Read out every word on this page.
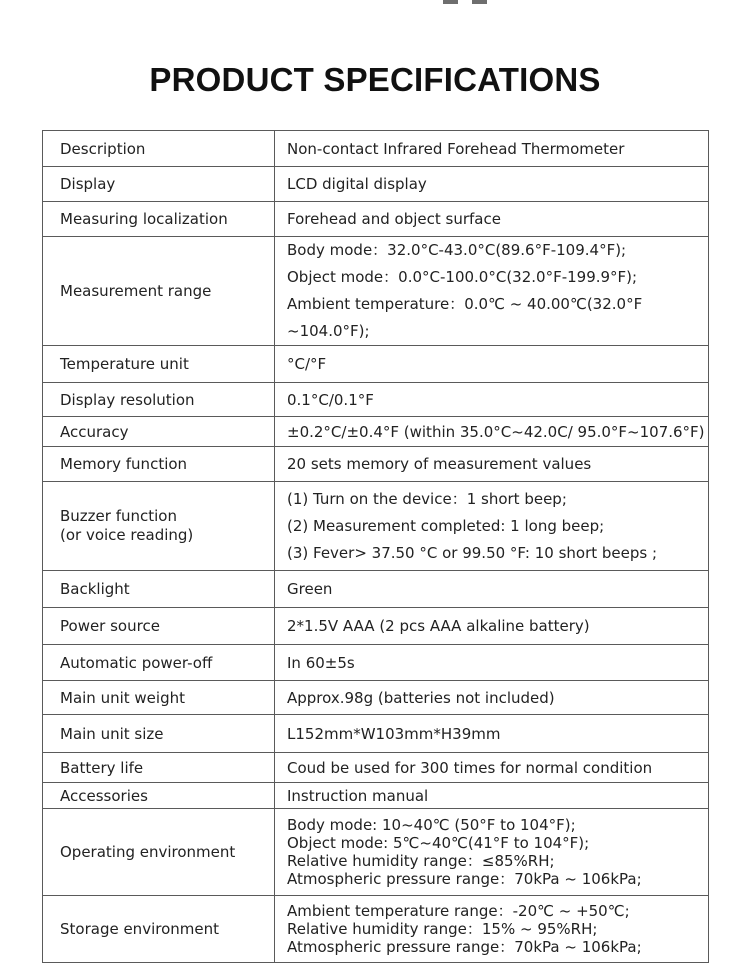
PRODUCT SPECIFICATIONS
Description	Non-contact Infrared Forehead Thermometer
Display	LCD digital display
Measuring localization	Forehead and object surface
Measurement range	Body mode：32.0°C-43.0°C(89.6°F-109.4°F);
Object mode：0.0°C-100.0°C(32.0°F-199.9°F);
Ambient temperature：0.0℃ ~ 40.00℃(32.0°F ~104.0°F);

Temperature unit	°C/°F
Display resolution	0.1°C/0.1°F
Accuracy	±0.2°C/±0.4°F (within 35.0°C~42.0C/ 95.0°F~107.6°F)
Memory function	20 sets memory of measurement values

Buzzer function
(or voice reading)	(1) Turn on the device：1 short beep;
(2) Measurement completed: 1 long beep;
(3) Fever> 37.50 °C or 99.50 °F: 10 short beeps ;

Backlight	Green
Power source	2*1.5V AAA (2 pcs AAA alkaline battery)
Automatic power-off	In 60±5s
Main unit weight	Approx.98g (batteries not included)
Main unit size	L152mm*W103mm*H39mm
Battery life	Coud be used for 300 times for normal condition
Accessories	Instruction manual
Operating environment	Body mode: 10~40℃ (50°F to 104°F);
Object mode: 5℃~40℃(41°F to 104°F);
Relative humidity range：≤85%RH;
Atmospheric pressure range：70kPa ~ 106kPa;

Storage environment	Ambient temperature range：-20℃ ~ +50℃;
Relative humidity range：15% ~ 95%RH;
Atmospheric pressure range：70kPa ~ 106kPa;
